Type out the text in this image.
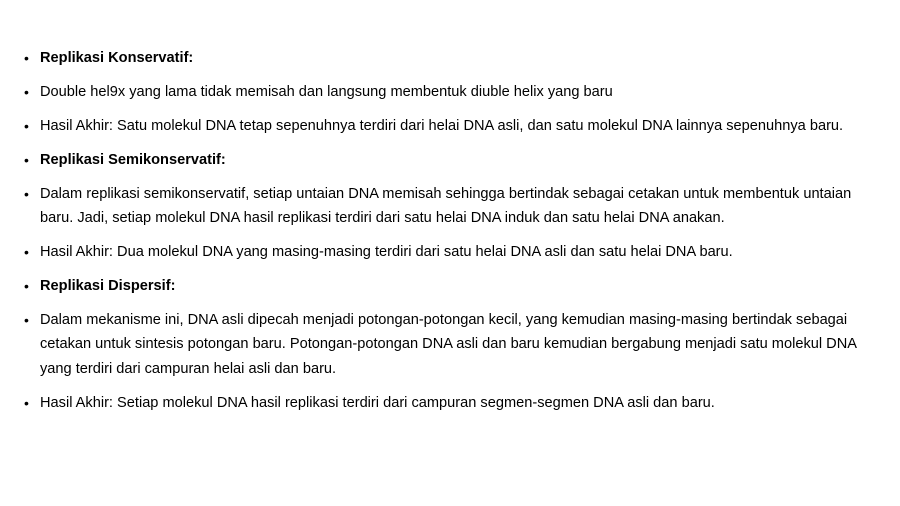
• Replikasi Konservatif:
• Double hel9x yang lama tidak memisah dan langsung membentuk diuble helix yang baru
• Hasil Akhir: Satu molekul DNA tetap sepenuhnya terdiri dari helai DNA asli, dan satu molekul DNA lainnya sepenuhnya baru.
• Replikasi Semikonservatif:
• Dalam replikasi semikonservatif, setiap untaian DNA memisah sehingga bertindak sebagai cetakan untuk membentuk untaian baru. Jadi, setiap molekul DNA hasil replikasi terdiri dari satu helai DNA induk dan satu helai DNA anakan.
• Hasil Akhir: Dua molekul DNA yang masing-masing terdiri dari satu helai DNA asli dan satu helai DNA baru.
• Replikasi Dispersif:
• Dalam mekanisme ini, DNA asli dipecah menjadi potongan-potongan kecil, yang kemudian masing-masing bertindak sebagai cetakan untuk sintesis potongan baru. Potongan-potongan DNA asli dan baru kemudian bergabung menjadi satu molekul DNA yang terdiri dari campuran helai asli dan baru.
• Hasil Akhir: Setiap molekul DNA hasil replikasi terdiri dari campuran segmen-segmen DNA asli dan baru.
